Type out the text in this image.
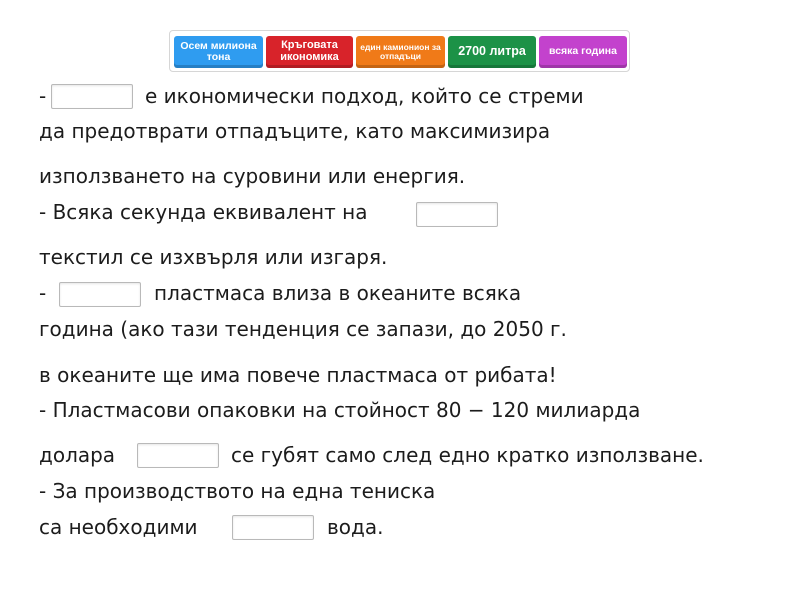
Осем милиона тона
Кръговата икономика
един камионион за отпадъци	2700 литра	всяка година
-	е икономически подход, който се стреми
да предотврати отпадъците, като максимизира
използването на суровини или енергия.
- Всяка секунда еквивалент на
текстил се изхвърля или изгаря.
-	пластмаса влиза в океаните всяка
година (ако тази тенденция се запази, до 2050 г.
в океаните ще има повече пластмаса от рибата!
- Пластмасови опаковки на стойност 80 − 120 милиарда
долара	се губят само след едно кратко използване.
- За производството на една тениска
са необходими	вода.
